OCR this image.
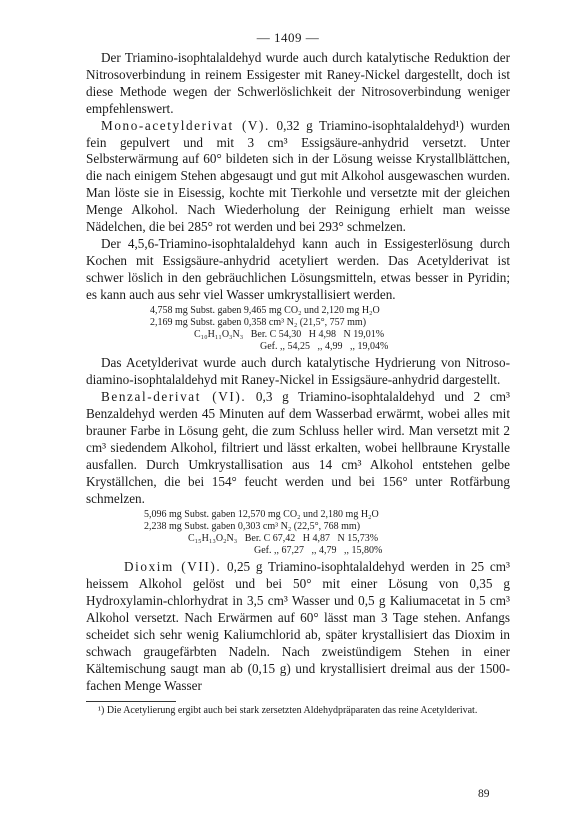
— 1409 —

Der Triamino-isophtalaldehyd wurde auch durch katalytische Reduktion der Nitrosoverbindung in reinem Essigester mit Raney-Nickel dargestellt, doch ist diese Methode wegen der Schwerlöslichkeit der Nitrosoverbindung weniger empfehlenswert.

Mono-acetylderivat (V). 0,32 g Triamino-isophtalaldehyd¹) wurden fein gepulvert und mit 3 cm³ Essigsäure-anhydrid versetzt. Unter Selbsterwärmung auf 60° bildeten sich in der Lösung weisse Krystallblättchen, die nach einigem Stehen abgesaugt und gut mit Alkohol ausgewaschen wurden. Man löste sie in Eisessig, kochte mit Tierkohle und versetzte mit der gleichen Menge Alkohol. Nach Wiederholung der Reinigung erhielt man weisse Nädelchen, die bei 285° rot werden und bei 293° schmelzen.

Der 4,5,6-Triamino-isophtalaldehyd kann auch in Essigesterlösung durch Kochen mit Essigsäure-anhydrid acetyliert werden. Das Acetylderivat ist schwer löslich in den gebräuchlichen Lösungsmitteln, etwas besser in Pyridin; es kann auch aus sehr viel Wasser umkrystallisiert werden.

4,758 mg Subst. gaben 9,465 mg CO₂ und 2,120 mg H₂O
2,169 mg Subst. gaben 0,358 cm³ N₂ (21,5°, 757 mm)
C₁₀H₁₁O₃N₃   Ber. C 54,30   H 4,98   N 19,01%
Gef. ,, 54,25   ,, 4,99   ,, 19,04%

Das Acetylderivat wurde auch durch katalytische Hydrierung von Nitroso-diamino-isophtalaldehyd mit Raney-Nickel in Essigsäure-anhydrid dargestellt.

Benzal-derivat (VI). 0,3 g Triamino-isophtalaldehyd und 2 cm³ Benzaldehyd werden 45 Minuten auf dem Wasserbad erwärmt, wobei alles mit brauner Farbe in Lösung geht, die zum Schluss heller wird. Man versetzt mit 2 cm³ siedendem Alkohol, filtriert und lässt erkalten, wobei hellbraune Krystalle ausfallen. Durch Umkrystallisation aus 14 cm³ Alkohol entstehen gelbe Kryställchen, die bei 154° feucht werden und bei 156° unter Rotfärbung schmelzen.

5,096 mg Subst. gaben 12,570 mg CO₂ und 2,180 mg H₂O
2,238 mg Subst. gaben 0,303 cm³ N₂ (22,5°, 768 mm)
C₁₅H₁₃O₂N₃   Ber. C 67,42   H 4,87   N 15,73%
Gef. ,, 67,27   ,, 4,79   ,, 15,80%

Dioxim (VII). 0,25 g Triamino-isophtalaldehyd werden in 25 cm³ heissem Alkohol gelöst und bei 50° mit einer Lösung von 0,35 g Hydroxylamin-chlorhydrat in 3,5 cm³ Wasser und 0,5 g Kaliumacetat in 5 cm³ Alkohol versetzt. Nach Erwärmen auf 60° lässt man 3 Tage stehen. Anfangs scheidet sich sehr wenig Kaliumchlorid ab, später krystallisiert das Dioxim in schwach graugefärbten Nadeln. Nach zweistündigem Stehen in einer Kältemischung saugt man ab (0,15 g) und krystallisiert dreimal aus der 1500-fachen Menge Wasser

¹) Die Acetylierung ergibt auch bei stark zersetzten Aldehydpräparaten das reine Acetylderivat.

89
